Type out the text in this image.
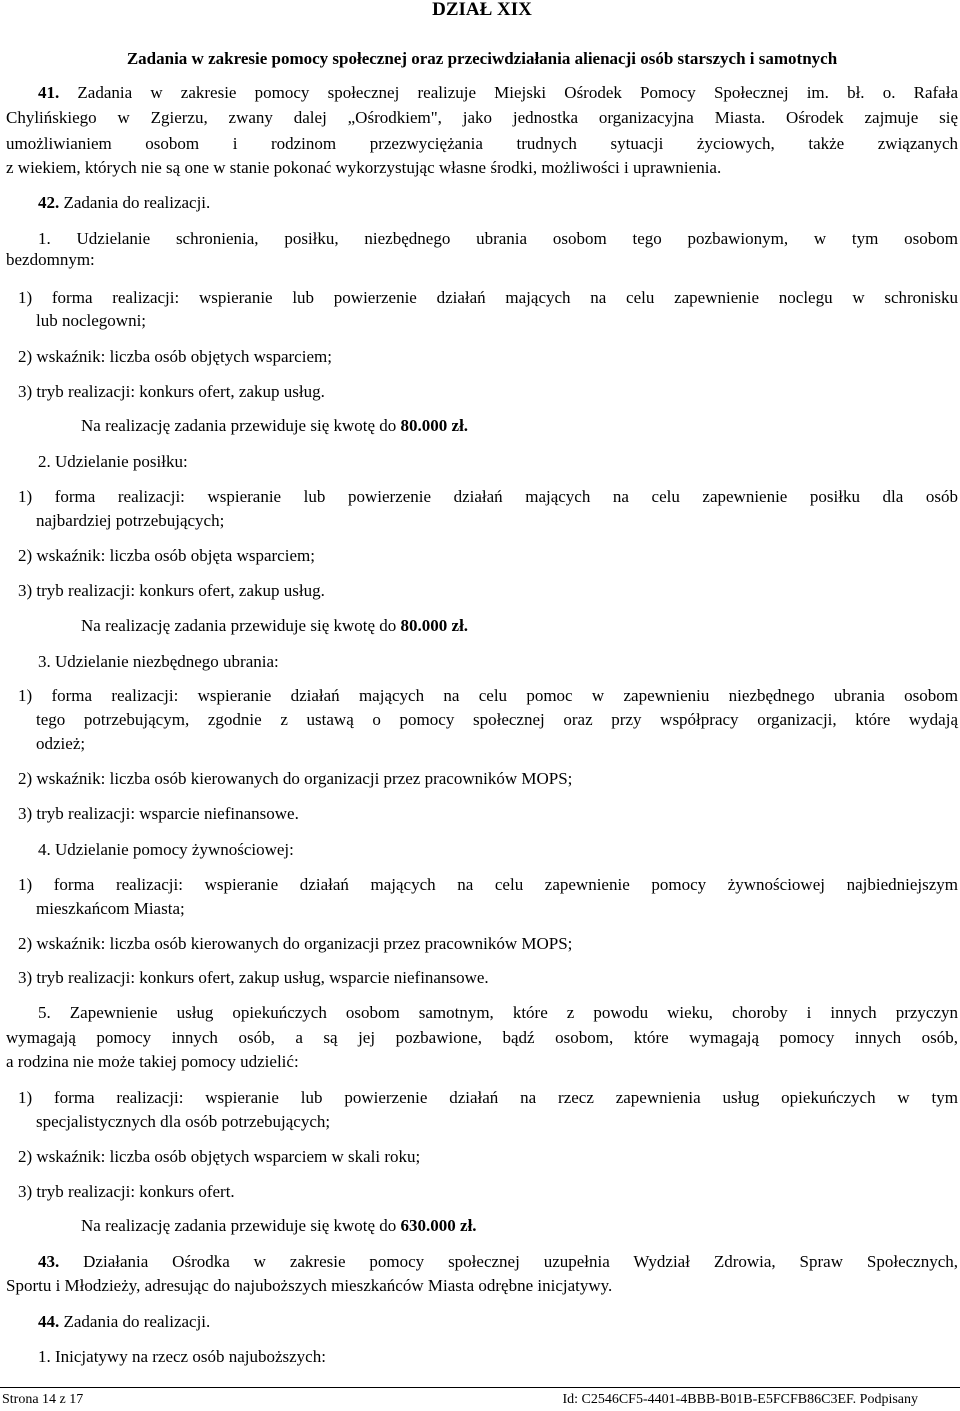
DZIAŁ XIX
Zadania w zakresie pomocy społecznej oraz przeciwdziałania alienacji osób starszych i samotnych
41. Zadania w zakresie pomocy społecznej realizuje Miejski Ośrodek Pomocy Społecznej im. bł. o. Rafała
Chylińskiego w Zgierzu, zwany dalej „Ośrodkiem", jako jednostka organizacyjna Miasta. Ośrodek zajmuje się
umożliwianiem osobom i rodzinom przezwyciężania trudnych sytuacji życiowych, także związanych
z wiekiem, których nie są one w stanie pokonać wykorzystując własne środki, możliwości i uprawnienia.
42. Zadania do realizacji.
1. Udzielanie schronienia, posiłku, niezbędnego ubrania osobom tego pozbawionym, w tym osobom
bezdomnym:
1) forma realizacji: wspieranie lub powierzenie działań mających na celu zapewnienie noclegu w schronisku
lub noclegowni;
2) wskaźnik: liczba osób objętych wsparciem;
3) tryb realizacji: konkurs ofert, zakup usług.
Na realizację zadania przewiduje się kwotę do 80.000 zł.
2. Udzielanie posiłku:
1) forma realizacji: wspieranie lub powierzenie działań mających na celu zapewnienie posiłku dla osób
najbardziej potrzebujących;
2) wskaźnik: liczba osób objęta wsparciem;
3) tryb realizacji: konkurs ofert, zakup usług.
Na realizację zadania przewiduje się kwotę do 80.000 zł.
3. Udzielanie niezbędnego ubrania:
1) forma realizacji: wspieranie działań mających na celu pomoc w zapewnieniu niezbędnego ubrania osobom
tego potrzebującym, zgodnie z ustawą o pomocy społecznej oraz przy współpracy organizacji, które wydają
odzież;
2) wskaźnik: liczba osób kierowanych do organizacji przez pracowników MOPS;
3) tryb realizacji: wsparcie niefinansowe.
4. Udzielanie pomocy żywnościowej:
1) forma realizacji: wspieranie działań mających na celu zapewnienie pomocy żywnościowej najbiedniejszym
mieszkańcom Miasta;
2) wskaźnik: liczba osób kierowanych do organizacji przez pracowników MOPS;
3) tryb realizacji: konkurs ofert, zakup usług, wsparcie niefinansowe.
5. Zapewnienie usług opiekuńczych osobom samotnym, które z powodu wieku, choroby i innych przyczyn
wymagają pomocy innych osób, a są jej pozbawione, bądź osobom, które wymagają pomocy innych osób,
a rodzina nie może takiej pomocy udzielić:
1) forma realizacji: wspieranie lub powierzenie działań na rzecz zapewnienia usług opiekuńczych w tym
specjalistycznych dla osób potrzebujących;
2) wskaźnik: liczba osób objętych wsparciem w skali roku;
3) tryb realizacji: konkurs ofert.
Na realizację zadania przewiduje się kwotę do 630.000 zł.
43. Działania Ośrodka w zakresie pomocy społecznej uzupełnia Wydział Zdrowia, Spraw Społecznych,
Sportu i Młodzieży, adresując do najuboższych mieszkańców Miasta odrębne inicjatywy.
44. Zadania do realizacji.
1. Inicjatywy na rzecz osób najuboższych:
Strona 14 z 17	Id: C2546CF5-4401-4BBB-B01B-E5FCFB86C3EF. Podpisany
